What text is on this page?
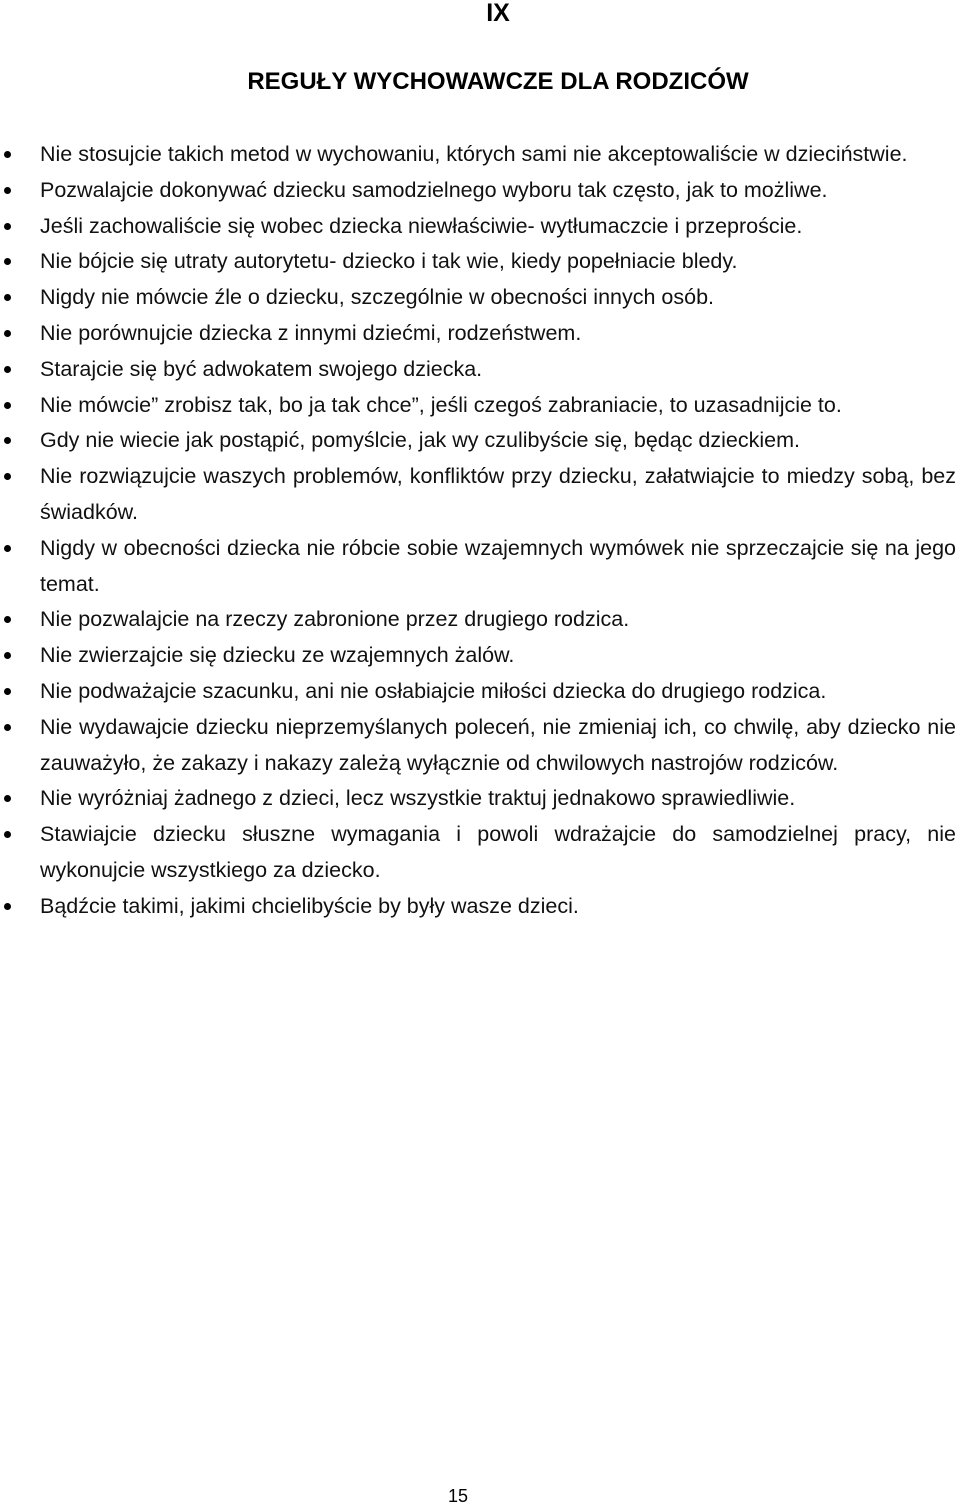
IX
REGUŁY WYCHOWAWCZE DLA RODZICÓW
Nie stosujcie takich metod w wychowaniu, których sami nie akceptowaliście w dzieciństwie.
Pozwalajcie dokonywać dziecku samodzielnego wyboru tak często, jak to możliwe.
Jeśli zachowaliście się wobec dziecka niewłaściwie- wytłumaczcie i przeproście.
Nie bójcie się utraty autorytetu- dziecko i tak wie, kiedy popełniacie bledy.
Nigdy nie mówcie źle o dziecku, szczególnie w obecności innych osób.
Nie porównujcie dziecka z innymi dziećmi, rodzeństwem.
Starajcie się być adwokatem swojego dziecka.
Nie mówcie” zrobisz tak, bo ja tak chce”, jeśli czegoś zabraniacie, to uzasadnijcie to.
Gdy nie wiecie jak postąpić, pomyślcie, jak wy czulibyście się, będąc dzieckiem.
Nie rozwiązujcie waszych problemów, konfliktów przy dziecku, załatwiajcie to miedzy sobą, bez świadków.
Nigdy w obecności dziecka nie róbcie sobie wzajemnych wymówek nie sprzeczajcie się na jego temat.
Nie pozwalajcie na rzeczy zabronione przez drugiego rodzica.
Nie zwierzajcie się dziecku ze wzajemnych żalów.
Nie podważajcie szacunku, ani nie osłabiajcie miłości dziecka do drugiego rodzica.
Nie wydawajcie dziecku nieprzemyślanych poleceń, nie zmieniaj ich, co chwilę, aby dziecko nie zauważyło, że zakazy i nakazy zależą wyłącznie od chwilowych nastrojów rodziców.
Nie wyróżniaj żadnego z dzieci, lecz wszystkie traktuj jednakowo sprawiedliwie.
Stawiajcie dziecku słuszne wymagania i powoli wdrażajcie do samodzielnej pracy, nie wykonujcie wszystkiego za dziecko.
Bądźcie takimi, jakimi chcielibyście by były wasze dzieci.
15
